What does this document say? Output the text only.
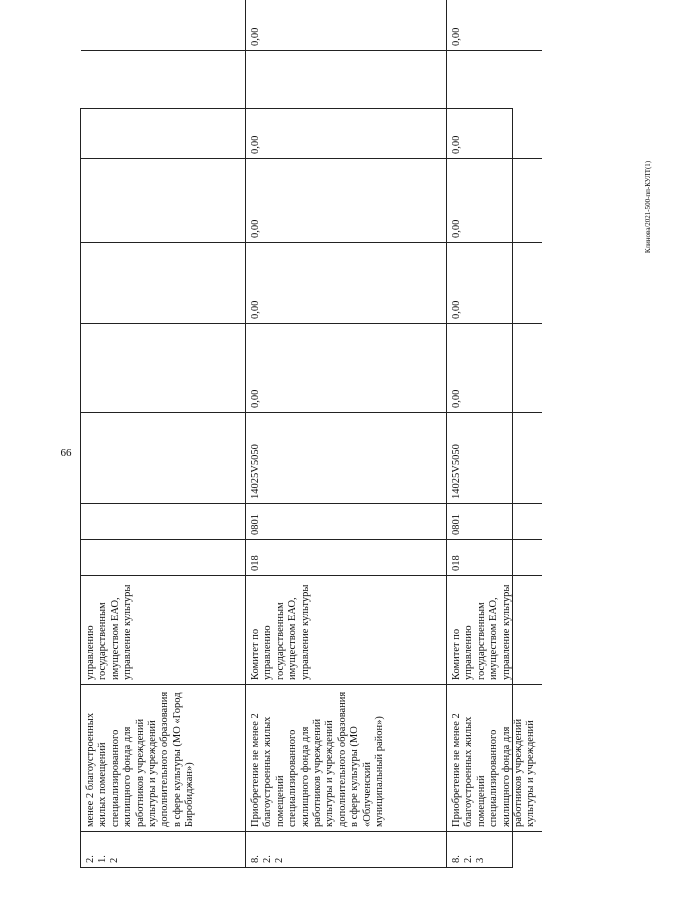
66
Клинова/2021-500-пп-КУЛТ(1)
2. 1. 2
менее 2 благоустроенных жилых помещений специализированного жилищного фонда для работников учреждений культуры и учреждений дополнительного образования в сфере культуры (МО «Город Биробиджан»)
управлению государственным имуществом ЕАО, управление культуры
8. 2. 2
Приобретение не менее 2 благоустроенных жилых помещений специализированного жилищного фонда для работников учреждений культуры и учреждений дополнительного образования в сфере культуры (МО «Облученский муниципальный район»)
Комитет по управлению государственным имуществом ЕАО, управление культуры
018
0801
14025V5050
0,00
0,00
0,00
0,00
0,00
8. 2. 3
Приобретение не менее 2 благоустроенных жилых помещений специализированного жилищного фонда для работников учреждений культуры и учреждений
Комитет по управлению государственным имуществом ЕАО, управление культуры
018
0801
14025V5050
0,00
0,00
0,00
0,00
0,00
